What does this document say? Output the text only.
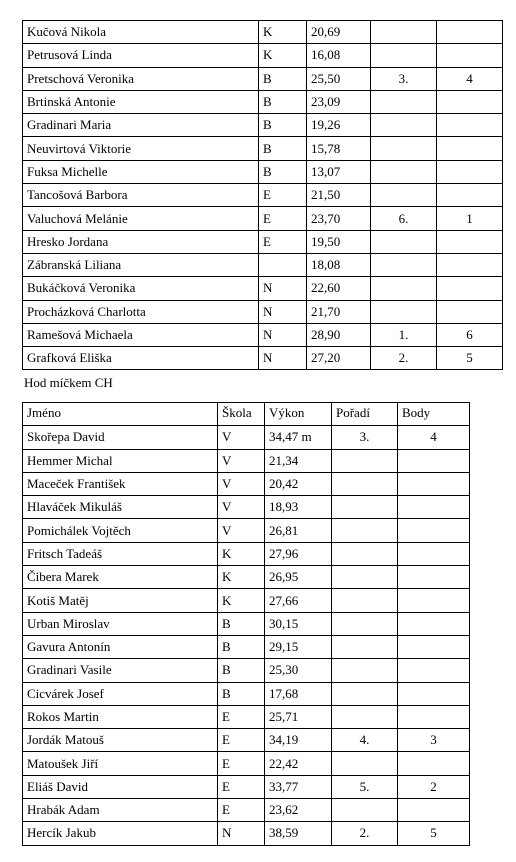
Kučová Nikola	K	20,69		
Petrusová Linda	K	16,08		
Pretschová Veronika	B	25,50	3.	4
Brtinská Antonie	B	23,09		
Gradinari Maria	B	19,26		
Neuvirtová Viktorie	B	15,78		
Fuksa Michelle	B	13,07		
Tancošová Barbora	E	21,50		
Valuchová Melánie	E	23,70	6.	1
Hresko Jordana	E	19,50		
Zábranská Liliana		18,08		
Bukáčková Veronika	N	22,60		
Procházková Charlotta	N	21,70		
Ramešová Michaela	N	28,90	1.	6
Grafková Eliška	N	27,20	2.	5
Hod míčkem CH
Jméno	Škola	Výkon	Pořadí	Body
Skořepa David	V	34,47 m	3.	4
Hemmer Michal	V	21,34		
Maceček František	V	20,42		
Hlaváček Mikuláš	V	18,93		
Pomichálek Vojtěch	V	26,81		
Fritsch Tadeáš	K	27,96		
Čibera Marek	K	26,95		
Kotiš Matěj	K	27,66		
Urban Miroslav	B	30,15		
Gavura Antonín	B	29,15		
Gradinari Vasile	B	25,30		
Cicvárek Josef	B	17,68		
Rokos Martin	E	25,71		
Jordák Matouš	E	34,19	4.	3
Matoušek Jiří	E	22,42		
Eliáš David	E	33,77	5.	2
Hrabák Adam	E	23,62		
Hercík Jakub	N	38,59	2.	5
